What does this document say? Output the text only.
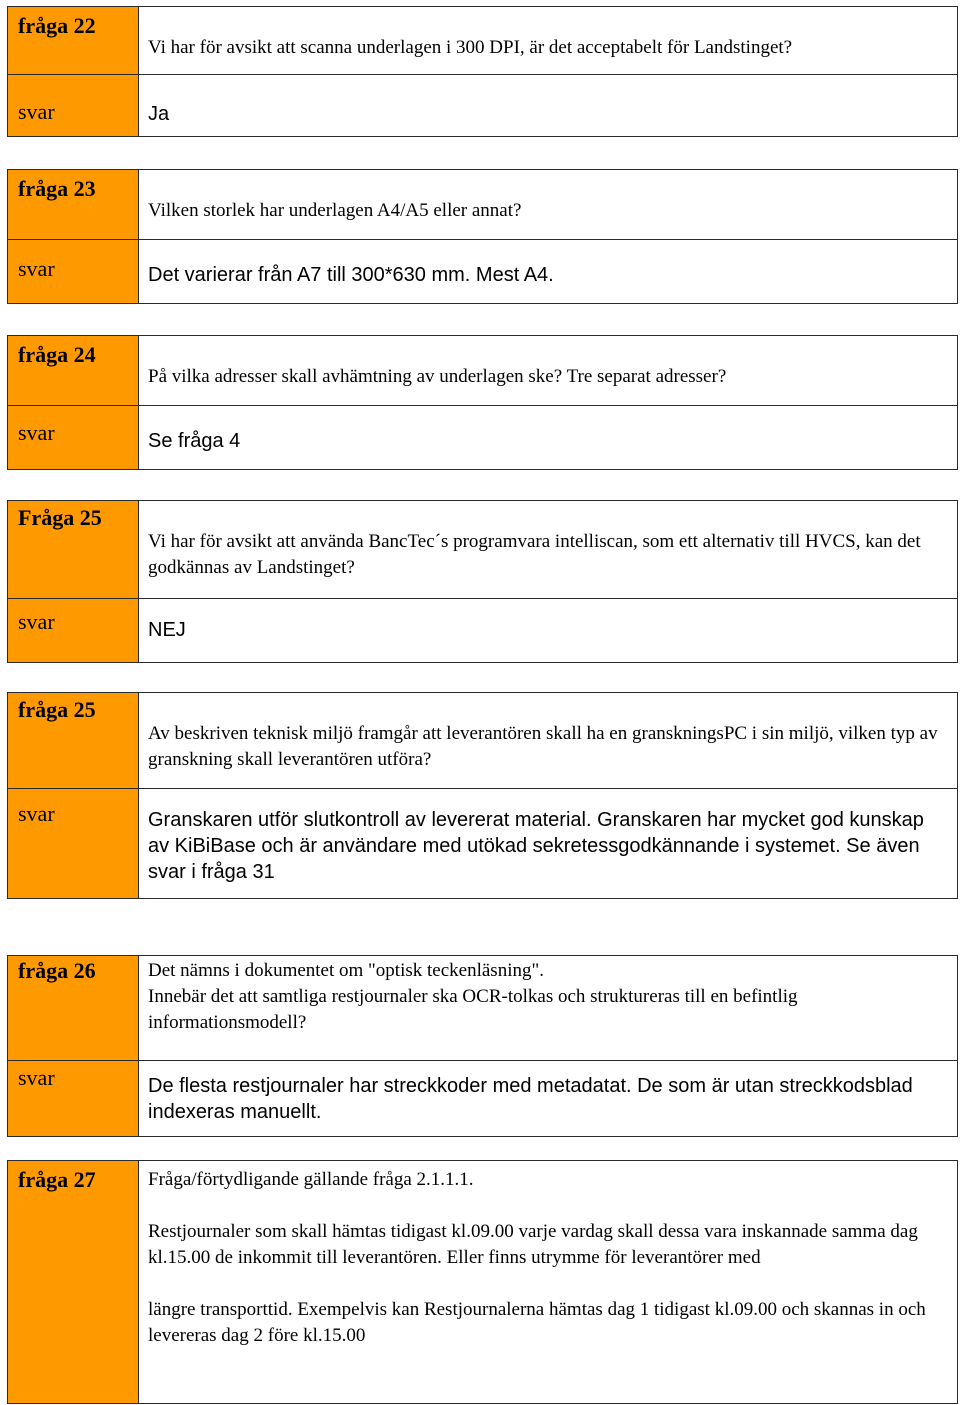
fråga 22	Vi har för avsikt att scanna underlagen i 300 DPI, är det acceptabelt för Landstinget?

svar	Ja
fråga 23	Vilken storlek har underlagen A4/A5 eller annat?

svar	Det varierar från A7 till 300*630 mm. Mest A4.
fråga 24	På vilka adresser skall avhämtning av underlagen ske? Tre separat adresser?

svar	Se fråga 4
Fråga 25	Vi har för avsikt att använda BancTec´s programvara intelliscan, som ett alternativ till HVCS, kan det godkännas av Landstinget?

svar	NEJ
fråga 25	Av beskriven teknisk miljö framgår att leverantören skall ha en granskningsPC i sin miljö, vilken typ av granskning skall leverantören utföra?

svar	Granskaren utför slutkontroll av levererat material. Granskaren har mycket god kunskap av KiBiBase och är användare med utökad sekretessgodkännande i systemet. Se även svar i fråga 31
fråga 26	Det nämns i dokumentet om "optisk teckenläsning".
Innebär det att samtliga restjournaler ska OCR-tolkas och struktureras till en befintlig informationsmodell?

svar	De flesta restjournaler har streckkoder med metadatat. De som är utan streckkodsblad indexeras manuellt.
fråga 27	Fråga/förtydligande gällande fråga 2.1.1.1.
Restjournaler som skall hämtas tidigast kl.09.00 varje vardag skall dessa vara inskannade samma dag kl.15.00 de inkommit till leverantören. Eller finns utrymme för leverantörer med
längre transporttid. Exempelvis kan Restjournalerna hämtas dag 1 tidigast kl.09.00 och skannas in och levereras dag 2 före kl.15.00
